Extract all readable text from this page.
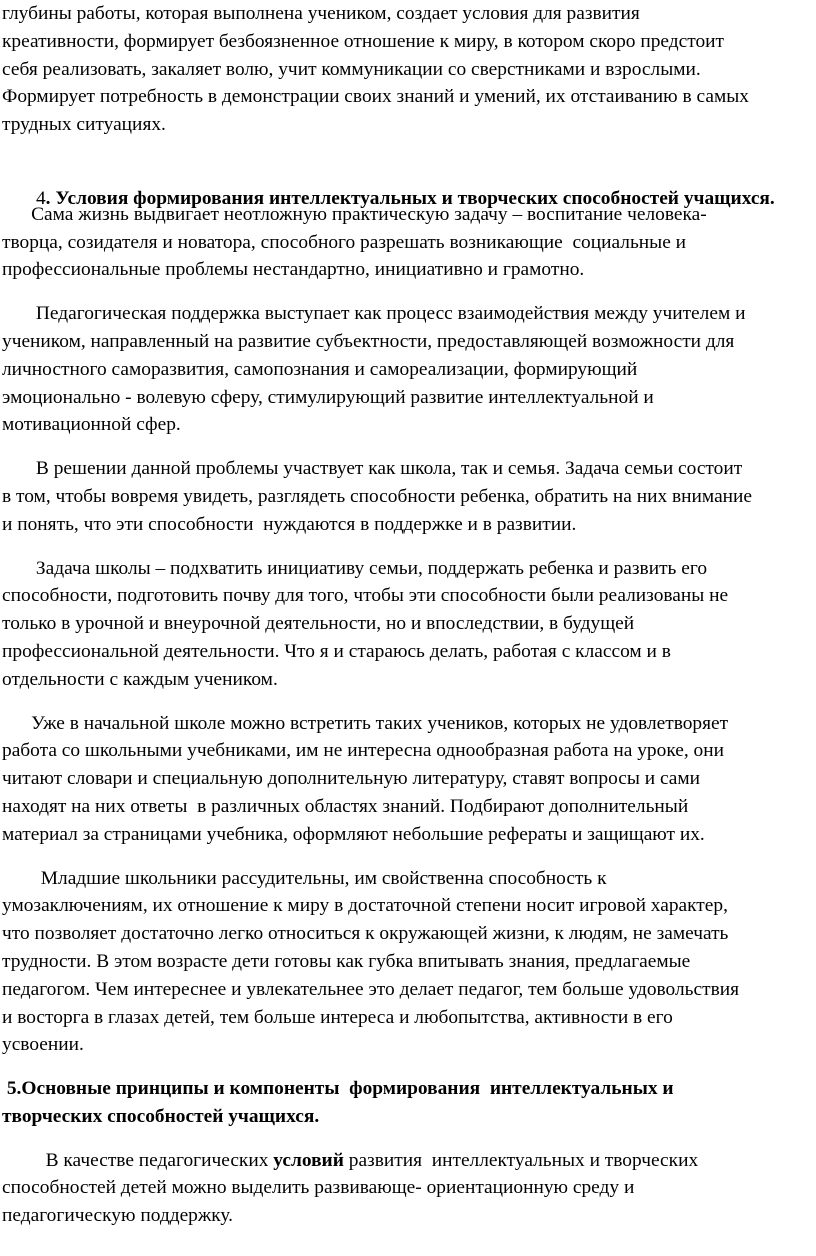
глубины работы, которая выполнена учеником, создает условия для развития
креативности, формирует безбоязненное отношение к миру, в котором скоро предстоит
себя реализовать, закаляет волю, учит коммуникации со сверстниками и взрослыми.
Формирует потребность в демонстрации своих знаний и умений, их отстаиванию в самых
трудных ситуациях.

4. Условия формирования интеллектуальных и творческих способностей учащихся.

Сама жизнь выдвигает неотложную практическую задачу – воспитание человека-
творца, созидателя и новатора, способного разрешать возникающие  социальные и
профессиональные проблемы нестандартно, инициативно и грамотно.
Педагогическая поддержка выступает как процесс взаимодействия между учителем и
учеником, направленный на развитие субъектности, предоставляющей возможности для
личностного саморазвития, самопознания и самореализации, формирующий
эмоционально - волевую сферу, стимулирующий развитие интеллектуальной и
мотивационной сфер.
В решении данной проблемы участвует как школа, так и семья. Задача семьи состоит
в том, чтобы вовремя увидеть, разглядеть способности ребенка, обратить на них внимание
и понять, что эти способности  нуждаются в поддержке и в развитии.
Задача школы – подхватить инициативу семьи, поддержать ребенка и развить его
способности, подготовить почву для того, чтобы эти способности были реализованы не
только в урочной и внеурочной деятельности, но и впоследствии, в будущей
профессиональной деятельности. Что я и стараюсь делать, работая с классом и в
отдельности с каждым учеником.
Уже в начальной школе можно встретить таких учеников, которых не удовлетворяет
работа со школьными учебниками, им не интересна однообразная работа на уроке, они
читают словари и специальную дополнительную литературу, ставят вопросы и сами
находят на них ответы  в различных областях знаний. Подбирают дополнительный
материал за страницами учебника, оформляют небольшие рефераты и защищают их.
Младшие школьники рассудительны, им свойственна способность к
умозаключениям, их отношение к миру в достаточной степени носит игровой характер,
что позволяет достаточно легко относиться к окружающей жизни, к людям, не замечать
трудности. В этом возрасте дети готовы как губка впитывать знания, предлагаемые
педагогом. Чем интереснее и увлекательнее это делает педагог, тем больше удовольствия
и восторга в глазах детей, тем больше интереса и любопытства, активности в его
усвоении.
5.Основные принципы и компоненты  формирования  интеллектуальных и
творческих способностей учащихся.
В качестве педагогических условий развития  интеллектуальных и творческих
способностей детей можно выделить развивающе- ориентационную среду и
педагогическую поддержку.
